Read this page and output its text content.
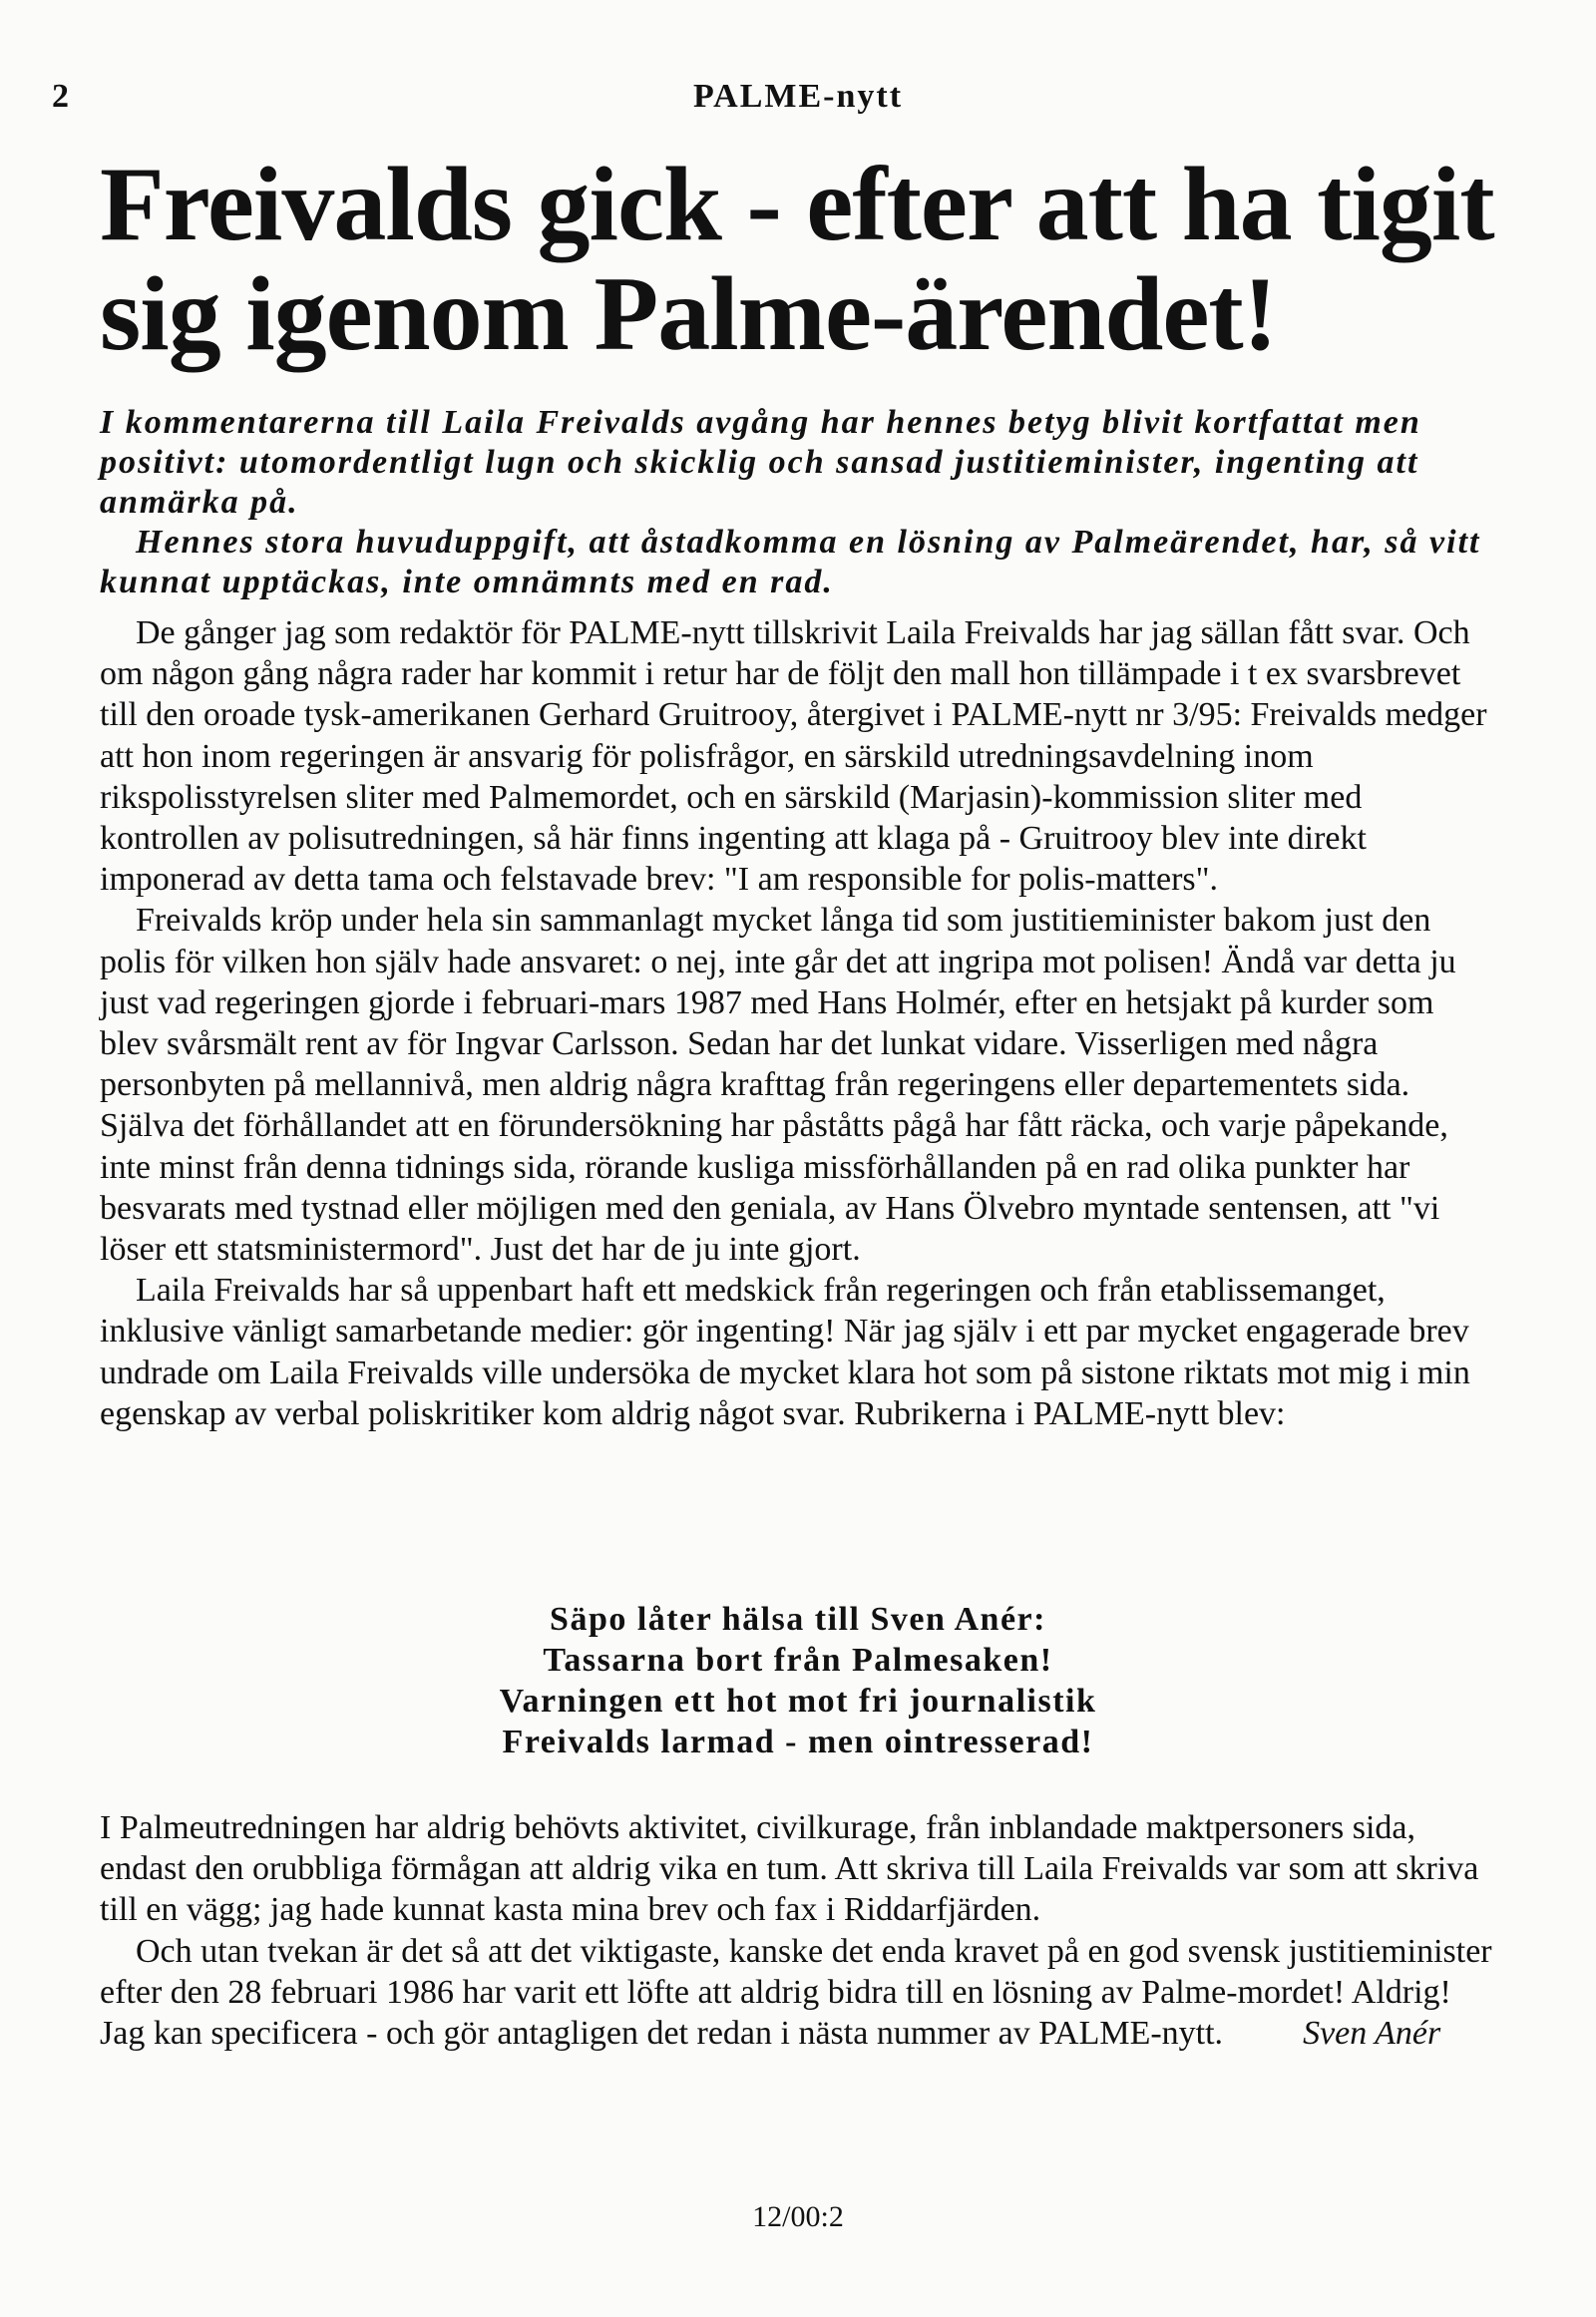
2	PALME-nytt
Freivalds gick - efter att ha tigit
sig igenom Palme-ärendet!

I kommentarerna till Laila Freivalds avgång har hennes betyg blivit kortfattat men positivt: utomordentligt lugn och skicklig och sansad justitieminister, ingenting att anmärka på.

Hennes stora huvuduppgift, att åstadkomma en lösning av Palmeärendet, har, så vitt kunnat upptäckas, inte omnämnts med en rad.

De gånger jag som redaktör för PALME-nytt tillskrivit Laila Freivalds har jag sällan fått svar. Och om någon gång några rader har kommit i retur har de följt den mall hon tillämpade i t ex svarsbrevet till den oroade tysk-amerikanen Gerhard Gruitrooy, återgivet i PALME-nytt nr 3/95: Freivalds medger att hon inom regeringen är ansvarig för polisfrågor, en särskild utredningsavdelning inom rikspolisstyrelsen sliter med Palmemordet, och en särskild (Marjasin)-kommission sliter med kontrollen av polisutredningen, så här finns ingenting att klaga på - Gruitrooy blev inte direkt imponerad av detta tama och felstavade brev: "I am responsible for polis-matters".

Freivalds kröp under hela sin sammanlagt mycket långa tid som justitieminister bakom just den polis för vilken hon själv hade ansvaret: o nej, inte går det att ingripa mot polisen! Ändå var detta ju just vad regeringen gjorde i februari-mars 1987 med Hans Holmér, efter en hetsjakt på kurder som blev svårsmält rent av för Ingvar Carlsson. Sedan har det lunkat vidare. Visserligen med några personbyten på mellannivå, men aldrig några krafttag från regeringens eller departementets sida. Själva det förhållandet att en förundersökning har påståtts pågå har fått räcka, och varje påpekande, inte minst från denna tidnings sida, rörande kusliga missförhållanden på en rad olika punkter har besvarats med tystnad eller möjligen med den geniala, av Hans Ölvebro myntade sentensen, att "vi löser ett statsministermord". Just det har de ju inte gjort.

Laila Freivalds har så uppenbart haft ett medskick från regeringen och från etablissemanget, inklusive vänligt samarbetande medier: gör ingenting! När jag själv i ett par mycket engagerade brev undrade om Laila Freivalds ville undersöka de mycket klara hot som på sistone riktats mot mig i min egenskap av verbal poliskritiker kom aldrig något svar. Rubrikerna i PALME-nytt blev:

Säpo låter hälsa till Sven Anér:
Tassarna bort från Palmesaken!
Varningen ett hot mot fri journalistik
Freivalds larmad - men ointresserad!

I Palmeutredningen har aldrig behövts aktivitet, civilkurage, från inblandade maktpersoners sida, endast den orubbliga förmågan att aldrig vika en tum. Att skriva till Laila Freivalds var som att skriva till en vägg; jag hade kunnat kasta mina brev och fax i Riddarfjärden.

Och utan tvekan är det så att det viktigaste, kanske det enda kravet på en god svensk justitieminister efter den 28 februari 1986 har varit ett löfte att aldrig bidra till en lösning av Palme-mordet! Aldrig! Jag kan specificera - och gör antagligen det redan i nästa nummer av PALME-nytt. Sven Anér

12/00:2
